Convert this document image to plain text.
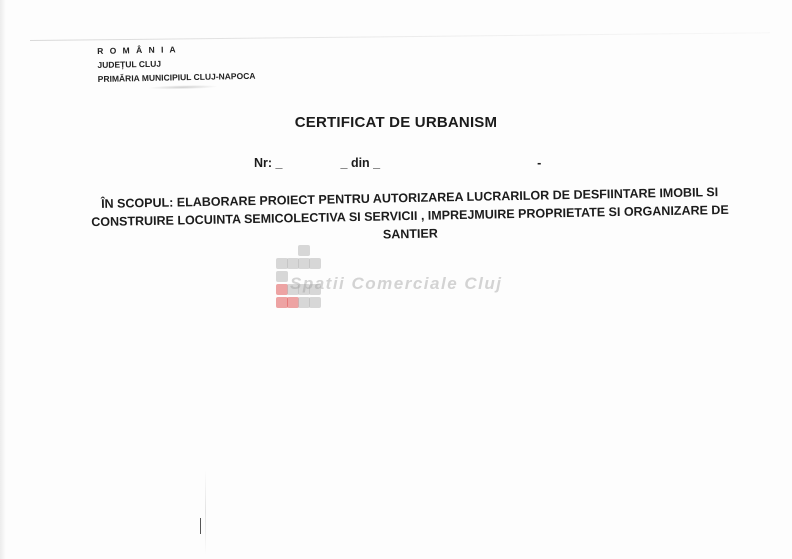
R O M Â N I A
JUDEȚUL CLUJ
PRIMĂRIA MUNICIPIUL CLUJ-NAPOCA
CERTIFICAT DE URBANISM
Nr: _	_ din _	-
ÎN SCOPUL: ELABORARE PROIECT PENTRU AUTORIZAREA LUCRARILOR DE DESFIINTARE IMOBIL SI CONSTRUIRE LOCUINTA SEMICOLECTIVA SI SERVICII , IMPREJMUIRE PROPRIETATE SI ORGANIZARE DE SANTIER
Spatii Comerciale Cluj
